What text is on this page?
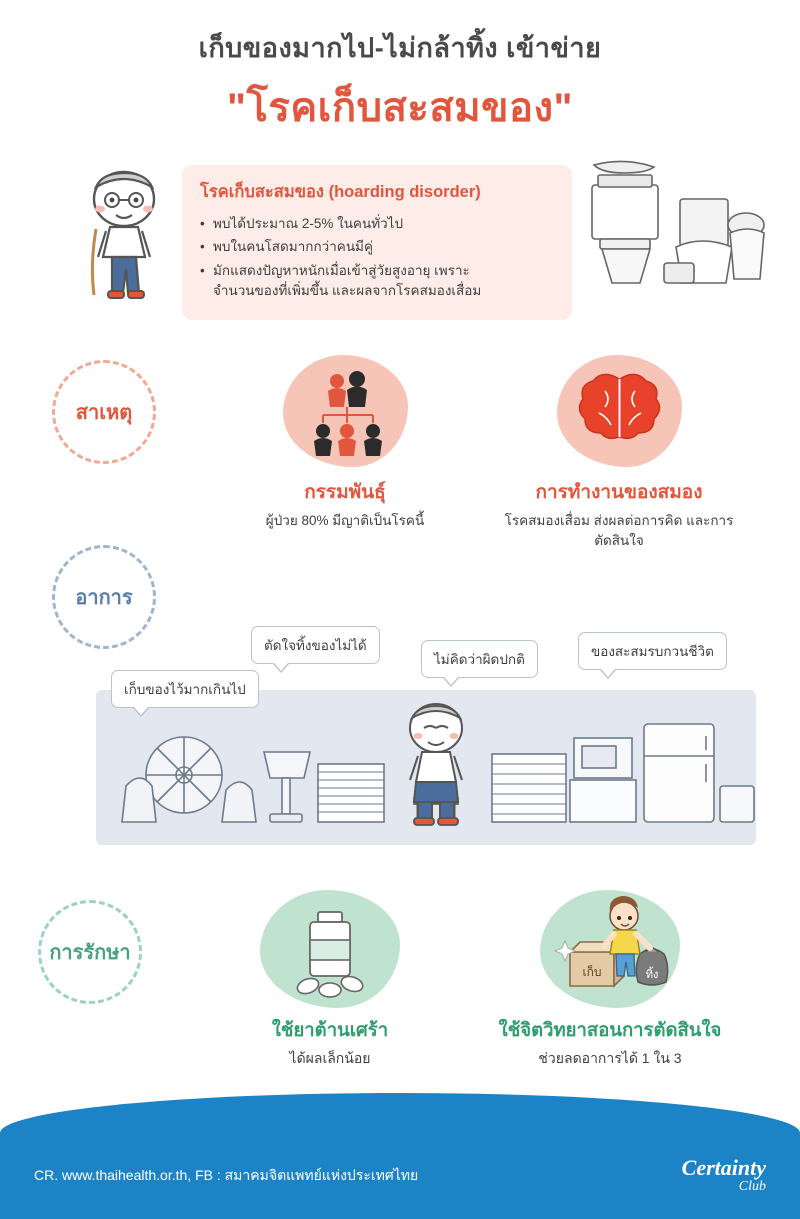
เก็บของมากไป-ไม่กล้าทิ้ง เข้าข่าย
"โรคเก็บสะสมของ"
โรคเก็บสะสมของ (hoarding disorder)
• พบได้ประมาณ 2-5% ในคนทั่วไป
• พบในคนโสดมากกว่าคนมีคู่
• มักแสดงปัญหาหนักเมื่อเข้าสู่วัยสูงอายุ เพราะ
จำนวนของที่เพิ่มขึ้น และผลจากโรคสมองเสื่อม
สาเหตุ
กรรมพันธุ์
ผู้ป่วย 80% มีญาติเป็นโรคนี้
การทำงานของสมอง
โรคสมองเสื่อม ส่งผลต่อการคิด และการตัดสินใจ
อาการ
เก็บของไว้มากเกินไป
ตัดใจทิ้งของไม่ได้
ไม่คิดว่าผิดปกติ
ของสะสมรบกวนชีวิต
การรักษา
ใช้ยาต้านเศร้า
ได้ผลเล็กน้อย
เก็บ	ทิ้ง
ใช้จิตวิทยาสอนการตัดสินใจ
ช่วยลดอาการได้ 1 ใน 3
CR. www.thaihealth.or.th, FB : สมาคมจิตแพทย์แห่งประเทศไทย	Certainty
Club
